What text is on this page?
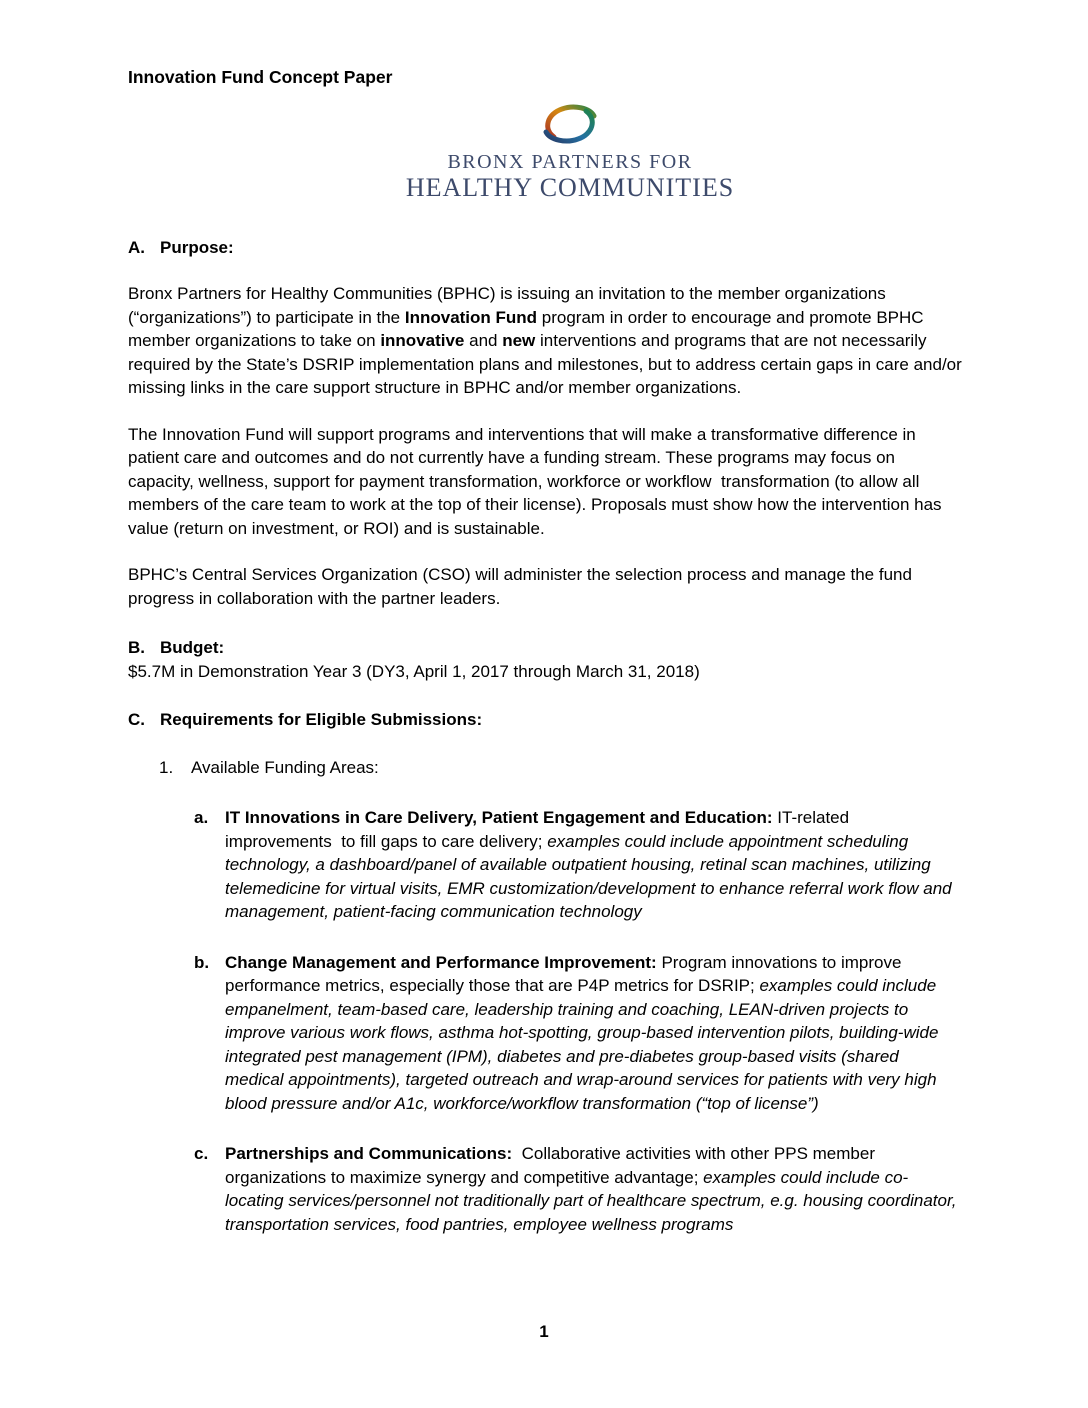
Innovation Fund Concept Paper
BRONX PARTNERS FOR
HEALTHY COMMUNITIES
A. Purpose:

Bronx Partners for Healthy Communities (BPHC) is issuing an invitation to the member organizations (“organizations”) to participate in the Innovation Fund program in order to encourage and promote BPHC member organizations to take on innovative and new interventions and programs that are not necessarily required by the State’s DSRIP implementation plans and milestones, but to address certain gaps in care and/or missing links in the care support structure in BPHC and/or member organizations.

The Innovation Fund will support programs and interventions that will make a transformative difference in patient care and outcomes and do not currently have a funding stream. These programs may focus on capacity, wellness, support for payment transformation, workforce or workflow  transformation (to allow all members of the care team to work at the top of their license). Proposals must show how the intervention has value (return on investment, or ROI) and is sustainable.

BPHC’s Central Services Organization (CSO) will administer the selection process and manage the fund progress in collaboration with the partner leaders.

B. Budget:

$5.7M in Demonstration Year 3 (DY3, April 1, 2017 through March 31, 2018)

C. Requirements for Eligible Submissions:
1.	Available Funding Areas:
a. IT Innovations in Care Delivery, Patient Engagement and Education: IT-related improvements  to fill gaps to care delivery; examples could include appointment scheduling technology, a dashboard/panel of available outpatient housing, retinal scan machines, utilizing telemedicine for virtual visits, EMR customization/development to enhance referral work flow and management, patient-facing communication technology
b. Change Management and Performance Improvement: Program innovations to improve performance metrics, especially those that are P4P metrics for DSRIP; examples could include empanelment, team-based care, leadership training and coaching, LEAN-driven projects to improve various work flows, asthma hot-spotting, group-based intervention pilots, building-wide integrated pest management (IPM), diabetes and pre-diabetes group-based visits (shared medical appointments), targeted outreach and wrap-around services for patients with very high blood pressure and/or A1c, workforce/workflow transformation (“top of license”)
c. Partnerships and Communications:  Collaborative activities with other PPS member organizations to maximize synergy and competitive advantage; examples could include co-locating services/personnel not traditionally part of healthcare spectrum, e.g. housing coordinator, transportation services, food pantries, employee wellness programs
1
